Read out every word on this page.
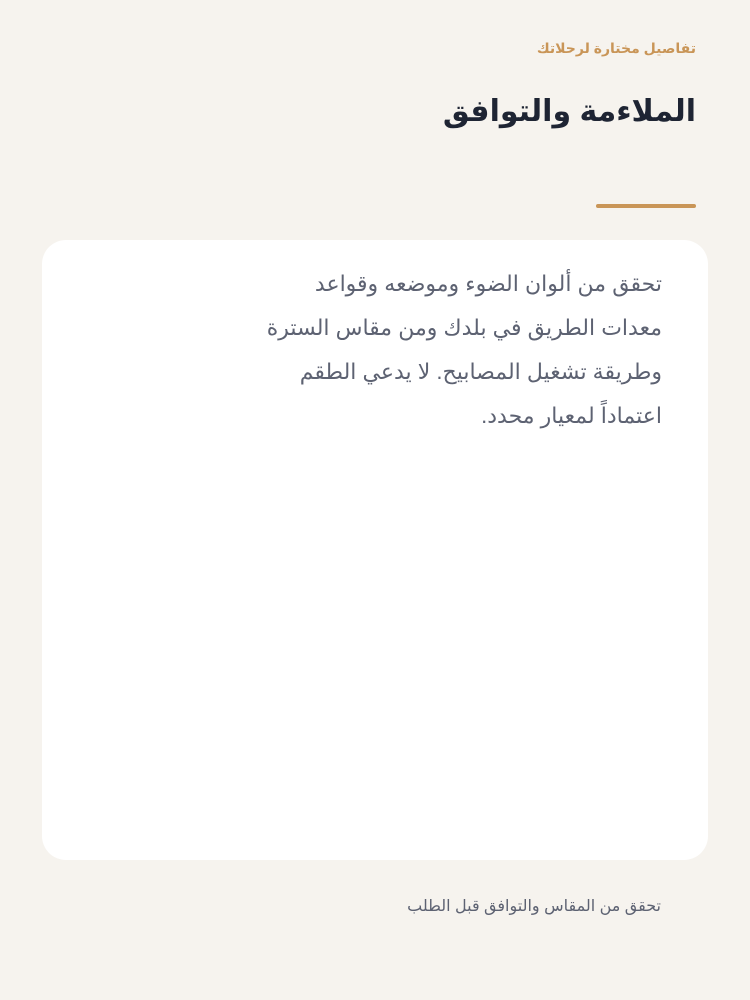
تفاصيل مختارة لرحلاتك
الملاءمة والتوافق

تحقق من ألوان الضوء وموضعه وقواعد معدات الطريق في بلدك ومن مقاس السترة وطريقة تشغيل المصابيح. لا يدعي الطقم اعتماداً لمعيار محدد.

تحقق من المقاس والتوافق قبل الطلب
